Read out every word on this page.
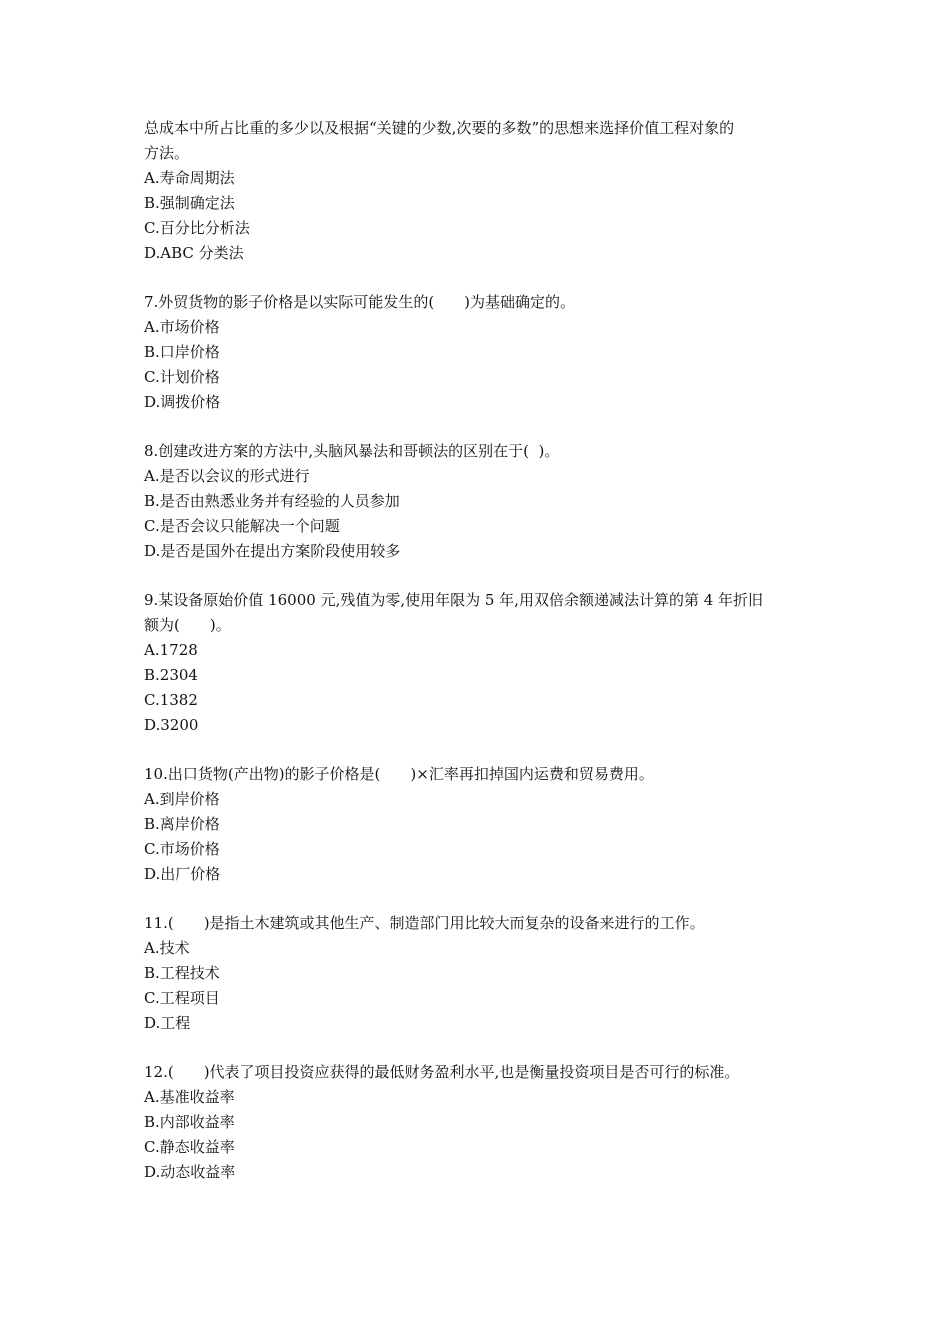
总成本中所占比重的多少以及根据“关键的少数,次要的多数”的思想来选择价值工程对象的

方法。

A.寿命周期法

B.强制确定法

C.百分比分析法

D.ABC 分类法

7.外贸货物的影子价格是以实际可能发生的(　　)为基础确定的。

A.市场价格

B.口岸价格

C.计划价格

D.调拨价格

8.创建改进方案的方法中,头脑风暴法和哥顿法的区别在于(  )。

A.是否以会议的形式进行

B.是否由熟悉业务并有经验的人员参加

C.是否会议只能解决一个问题

D.是否是国外在提出方案阶段使用较多

9.某设备原始价值 16000 元,残值为零,使用年限为 5 年,用双倍余额递减法计算的第 4 年折旧

额为(　　)。

A.1728

B.2304

C.1382

D.3200

10.出口货物(产出物)的影子价格是(　　)×汇率再扣掉国内运费和贸易费用。

A.到岸价格

B.离岸价格

C.市场价格

D.出厂价格

11.(　　)是指土木建筑或其他生产、制造部门用比较大而复杂的设备来进行的工作。

A.技术

B.工程技术

C.工程项目

D.工程

12.(　　)代表了项目投资应获得的最低财务盈利水平,也是衡量投资项目是否可行的标准。

A.基准收益率

B.内部收益率

C.静态收益率

D.动态收益率
